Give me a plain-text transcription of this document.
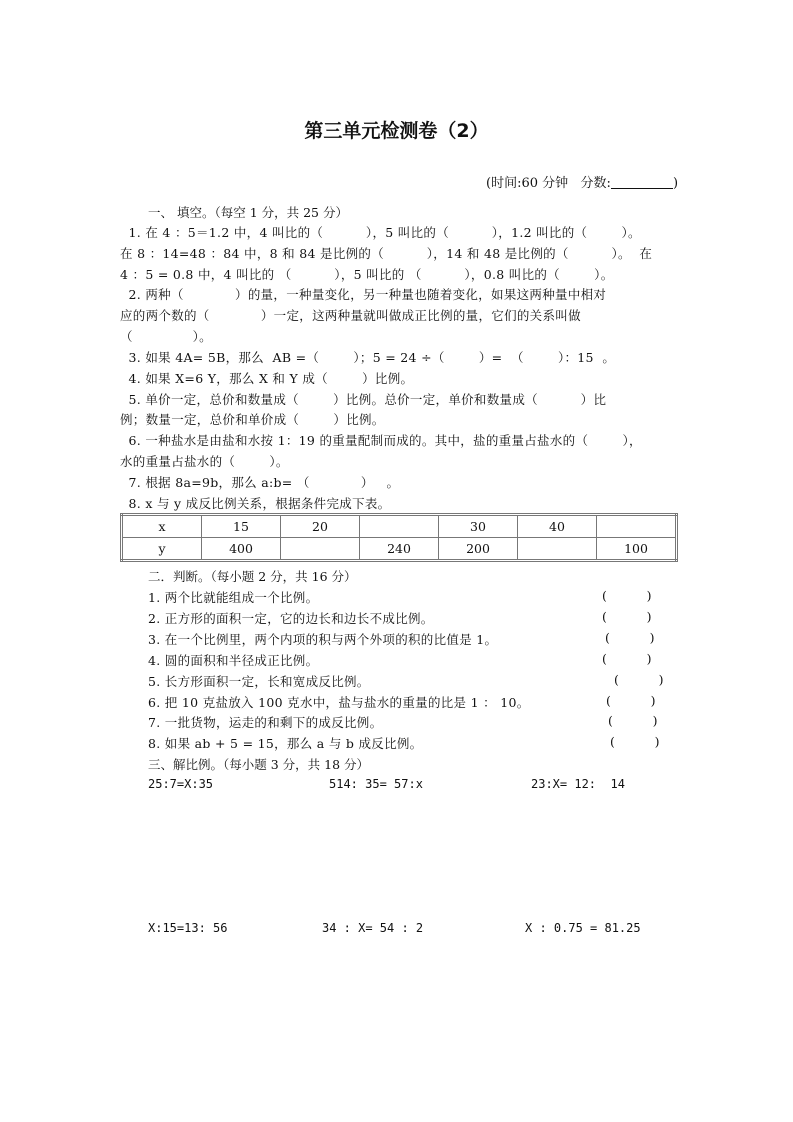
第三单元检测卷（2）
(时间:60 分钟 分数:	)
一、 填空。（每空 1 分，共 25 分）
1. 在 4 ：5＝1.2 中，4 叫比的（          ），5 叫比的（          ），1.2 叫比的（        ）。
在 8 ：14=48 ：84 中，8 和 84 是比例的（          ），14 和 48 是比例的（          ）。  在
4 ：5 = 0.8 中，4 叫比的 （          ），5 叫比的 （          ），0.8 叫比的（        ）。
2. 两种（            ）的量，一种量变化，另一种量也随着变化，如果这两种量中相对
应的两个数的（            ）一定，这两种量就叫做成正比例的量，它们的关系叫做
（              ）。
3. 如果 4A= 5B，那么  AB =（        ）；5 = 24 ÷（        ）=  （        ）：15  。
4. 如果 X=6 Y，那么 X 和 Y 成（        ）比例。
5. 单价一定，总价和数量成（        ）比例。总价一定，单价和数量成（          ）比
例；数量一定，总价和单价成（        ）比例。
6. 一种盐水是由盐和水按 1：19 的重量配制而成的。其中，盐的重量占盐水的（        ），
水的重量占盐水的（        ）。
7. 根据 8a=9b，那么 a:b= （            ）   。
8. x 与 y 成反比例关系，根据条件完成下表。
x	15	20		30	40	
y	400		240	200		100
二．判断。（每小题 2 分，共 16 分）
1. 两个比就能组成一个比例。	(          )
2. 正方形的面积一定，它的边长和边长不成比例。	(          )
3. 在一个比例里，两个内项的积与两个外项的积的比值是 1。	(          )
4. 圆的面积和半径成正比例。	(          )
5. 长方形面积一定，长和宽成反比例。	(          )
6. 把 10 克盐放入 100 克水中，盐与盐水的重量的比是 1 ： 10。	(          )
7. 一批货物，运走的和剩下的成反比例。	(          )
8. 如果 ab + 5 = 15，那么 a 与 b 成反比例。	(          )
三、解比例。（每小题 3 分，共 18 分）
25:7=X:35	514: 35= 57:x	23:X= 12:  14
X:15=13: 56	34 : X= 54 : 2	X : 0.75 = 81.25
